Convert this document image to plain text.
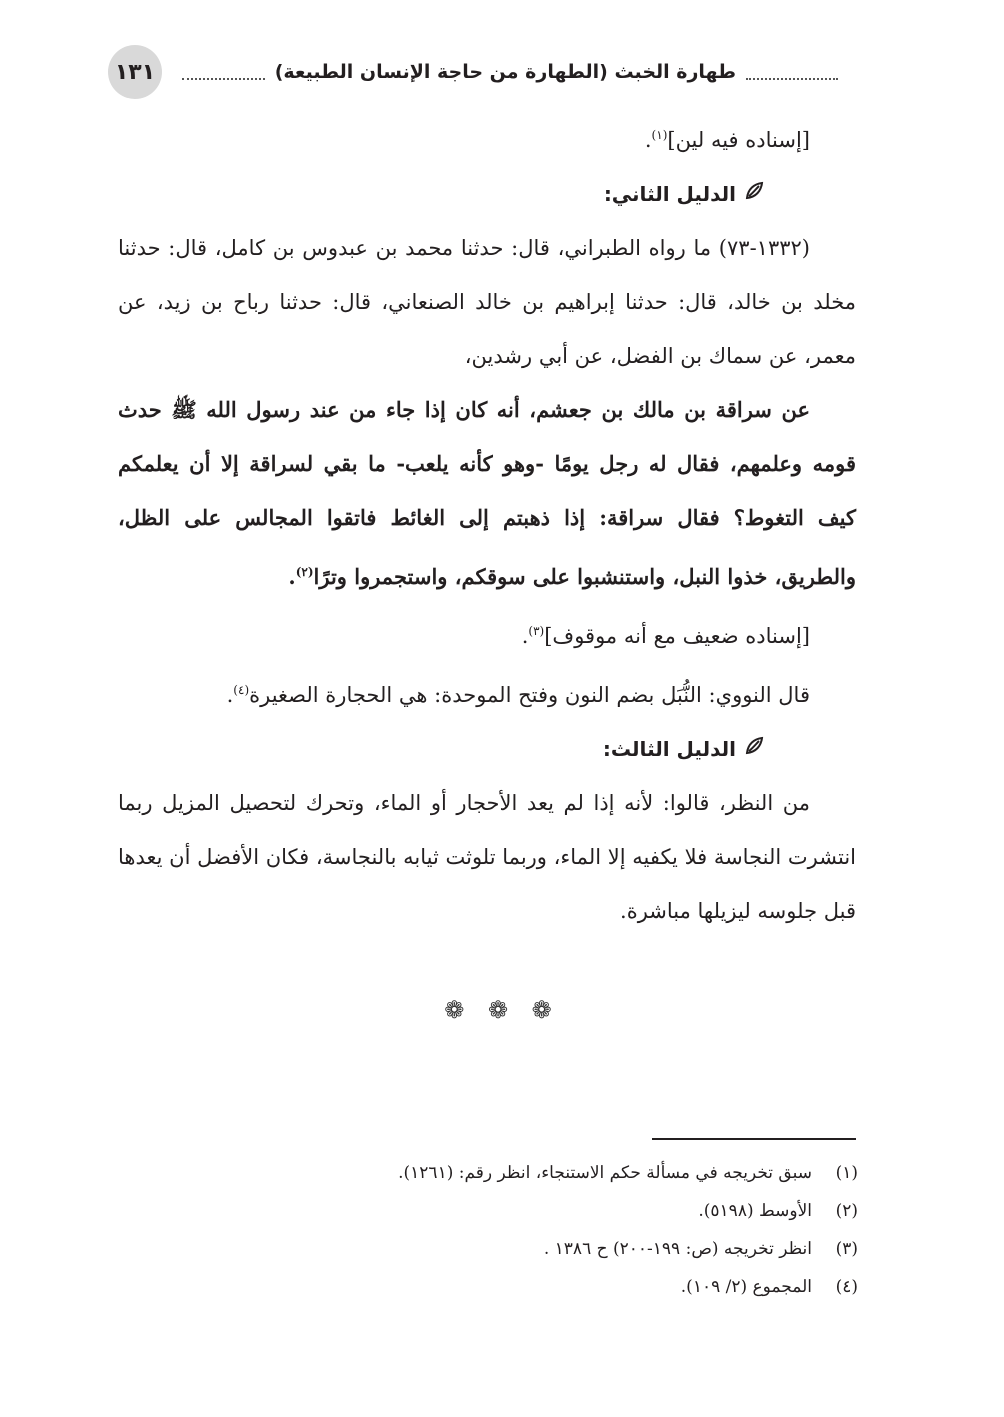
طهارة الخبث (الطهارة من حاجة الإنسان الطبيعة)
١٣١

[إسناده فيه لين]$^{(١)}$.

الدليل الثاني:

(١٣٣٢-٧٣) ما رواه الطبراني، قال: حدثنا محمد بن عبدوس بن كامل، قال: حدثنا مخلد بن خالد، قال: حدثنا إبراهيم بن خالد الصنعاني، قال: حدثنا رباح بن زيد، عن معمر، عن سماك بن الفضل، عن أبي رشدين،

عن سراقة بن مالك بن جعشم، أنه كان إذا جاء من عند رسول الله ﷺ حدث قومه وعلمهم، فقال له رجل يومًا -وهو كأنه يلعب- ما بقي لسراقة إلا أن يعلمكم كيف التغوط؟ فقال سراقة: إذا ذهبتم إلى الغائط فاتقوا المجالس على الظل، والطريق، خذوا النبل، واستنشبوا على سوقكم، واستجمروا وترًا$^{(٢)}$.

[إسناده ضعيف مع أنه موقوف]$^{(٣)}$.

قال النووي: النُّبَل بضم النون وفتح الموحدة: هي الحجارة الصغيرة$^{(٤)}$.

الدليل الثالث:

من النظر، قالوا: لأنه إذا لم يعد الأحجار أو الماء، وتحرك لتحصيل المزيل ربما انتشرت النجاسة فلا يكفيه إلا الماء، وربما تلوثت ثيابه بالنجاسة، فكان الأفضل أن يعدها قبل جلوسه ليزيلها مباشرة.

❁ ❁ ❁
(١)
سبق تخريجه في مسألة حكم الاستنجاء، انظر رقم: (١٢٦١).
(٢)
الأوسط (٥١٩٨).
(٣)
انظر تخريجه (ص: ١٩٩-٢٠٠) ح ١٣٨٦ .
(٤)
المجموع (٢/ ١٠٩).
